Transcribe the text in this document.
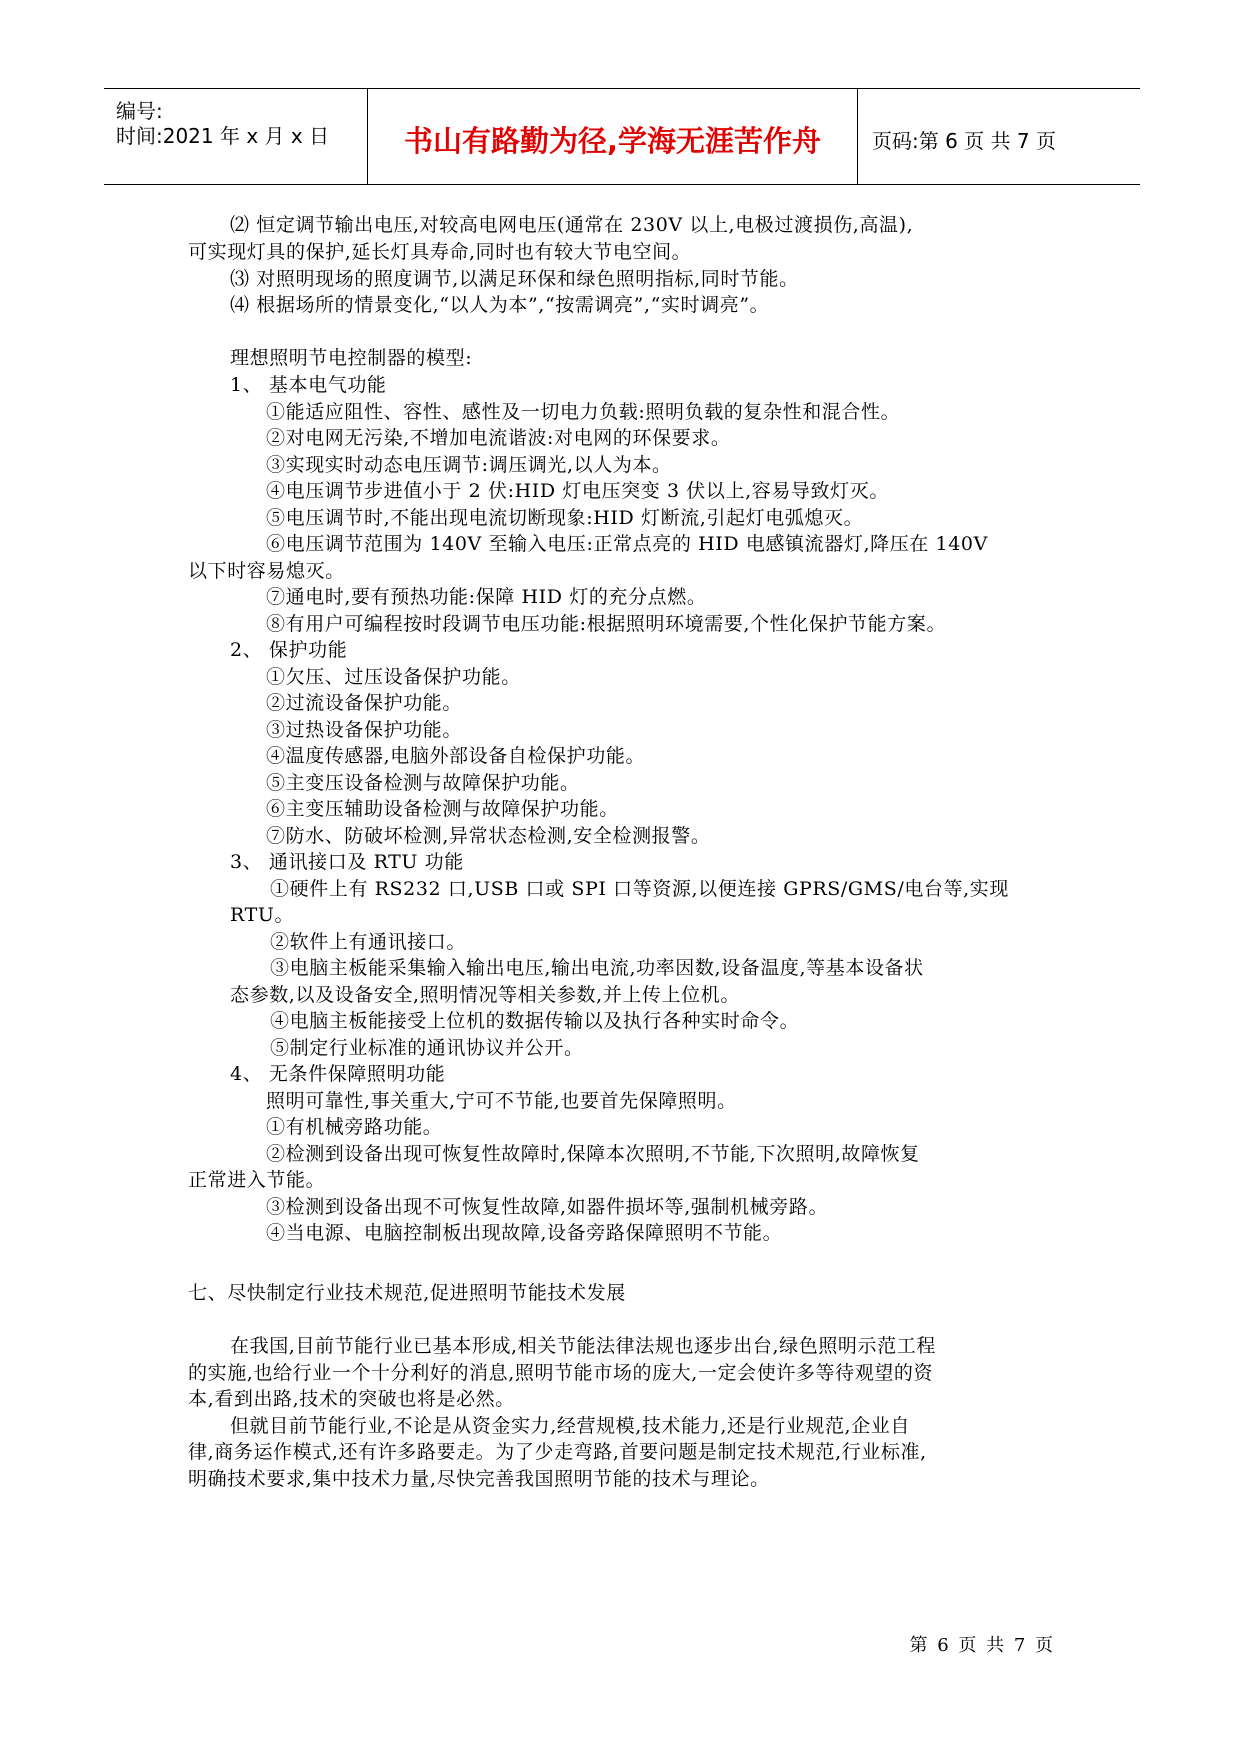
编号:
时间:2021 年 x 月 x 日	书山有路勤为径,学海无涯苦作舟	页码:第 6 页 共 7 页
⑵ 恒定调节输出电压,对较高电网电压(通常在 230V 以上,电极过渡损伤,高温),
可实现灯具的保护,延长灯具寿命,同时也有较大节电空间。
⑶ 对照明现场的照度调节,以满足环保和绿色照明指标,同时节能。
⑷ 根据场所的情景变化,“以人为本”,“按需调亮”,“实时调亮”。
理想照明节电控制器的模型:
1、 基本电气功能
①能适应阻性、容性、感性及一切电力负载:照明负载的复杂性和混合性。
②对电网无污染,不增加电流谐波:对电网的环保要求。
③实现实时动态电压调节:调压调光,以人为本。
④电压调节步进值小于 2 伏:HID 灯电压突变 3 伏以上,容易导致灯灭。
⑤电压调节时,不能出现电流切断现象:HID 灯断流,引起灯电弧熄灭。
⑥电压调节范围为 140V 至输入电压:正常点亮的 HID 电感镇流器灯,降压在 140V
以下时容易熄灭。
⑦通电时,要有预热功能:保障 HID 灯的充分点燃。
⑧有用户可编程按时段调节电压功能:根据照明环境需要,个性化保护节能方案。
2、 保护功能
①欠压、过压设备保护功能。
②过流设备保护功能。
③过热设备保护功能。
④温度传感器,电脑外部设备自检保护功能。
⑤主变压设备检测与故障保护功能。
⑥主变压辅助设备检测与故障保护功能。
⑦防水、防破坏检测,异常状态检测,安全检测报警。
3、 通讯接口及 RTU 功能
①硬件上有 RS232 口,USB 口或 SPI 口等资源,以便连接 GPRS/GMS/电台等,实现
RTU。
②软件上有通讯接口。
③电脑主板能采集输入输出电压,输出电流,功率因数,设备温度,等基本设备状
态参数,以及设备安全,照明情况等相关参数,并上传上位机。
④电脑主板能接受上位机的数据传输以及执行各种实时命令。
⑤制定行业标准的通讯协议并公开。
4、 无条件保障照明功能
照明可靠性,事关重大,宁可不节能,也要首先保障照明。
①有机械旁路功能。
②检测到设备出现可恢复性故障时,保障本次照明,不节能,下次照明,故障恢复
正常进入节能。
③检测到设备出现不可恢复性故障,如器件损坏等,强制机械旁路。
④当电源、电脑控制板出现故障,设备旁路保障照明不节能。
七、尽快制定行业技术规范,促进照明节能技术发展
在我国,目前节能行业已基本形成,相关节能法律法规也逐步出台,绿色照明示范工程
的实施,也给行业一个十分利好的消息,照明节能市场的庞大,一定会使许多等待观望的资
本,看到出路,技术的突破也将是必然。
但就目前节能行业,不论是从资金实力,经营规模,技术能力,还是行业规范,企业自
律,商务运作模式,还有许多路要走。为了少走弯路,首要问题是制定技术规范,行业标准,
明确技术要求,集中技术力量,尽快完善我国照明节能的技术与理论。
第 6 页 共 7 页
